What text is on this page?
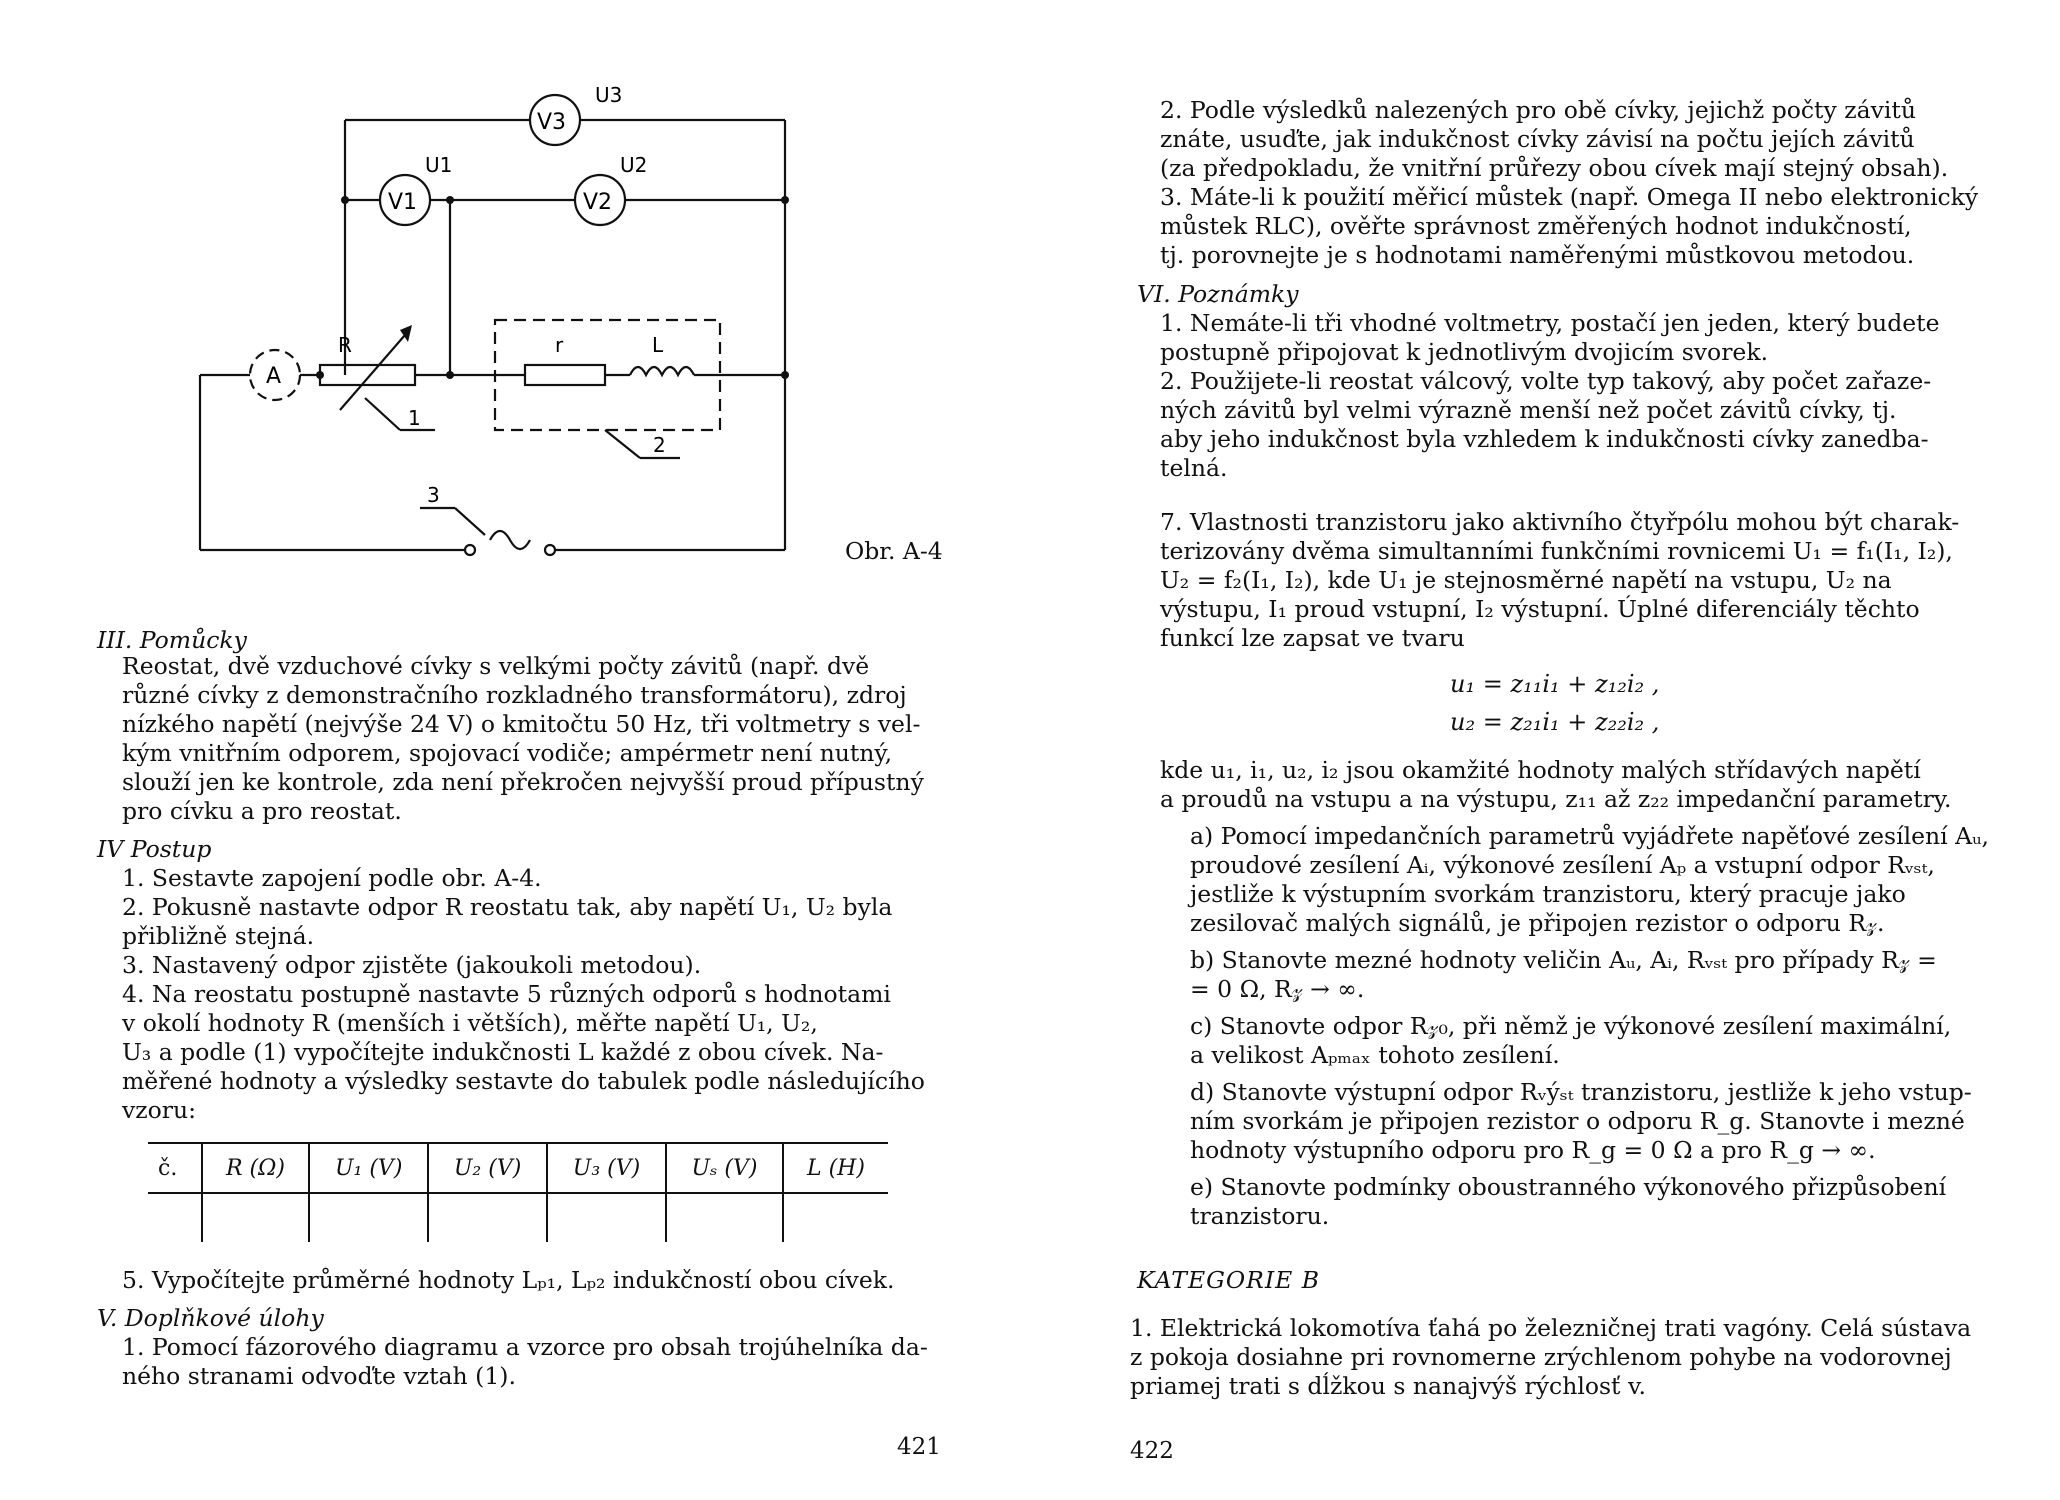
V3
U3
V1
U1
V2
U2
A
R	r	L
1
2
3
Obr. A-4
III. Pomůcky
Reostat, dvě vzduchové cívky s velkými počty závitů (např. dvě
různé cívky z demonstračního rozkladného transformátoru), zdroj
nízkého napětí (nejvýše 24 V) o kmitočtu 50 Hz, tři voltmetry s vel-
kým vnitřním odporem, spojovací vodiče; ampérmetr není nutný,
slouží jen ke kontrole, zda není překročen nejvyšší proud přípustný
pro cívku a pro reostat.
IV Postup
1. Sestavte zapojení podle obr. A-4.
2. Pokusně nastavte odpor R reostatu tak, aby napětí U₁, U₂ byla
přibližně stejná.
3. Nastavený odpor zjistěte (jakoukoli metodou).
4. Na reostatu postupně nastavte 5 různých odporů s hodnotami
v okolí hodnoty R (menších i větších), měřte napětí U₁, U₂,
U₃ a podle (1) vypočítejte indukčnosti L každé z obou cívek. Na-
měřené hodnoty a výsledky sestavte do tabulek podle následujícího
vzoru:
č.	R (Ω)	U₁ (V)	U₂ (V)	U₃ (V)	Uₛ (V)	L (H)

5. Vypočítejte průměrné hodnoty Lₚ₁, Lₚ₂ indukčností obou cívek.
V. Doplňkové úlohy
1. Pomocí fázorového diagramu a vzorce pro obsah trojúhelníka da-
ného stranami odvoďte vztah (1).
421
2. Podle výsledků nalezených pro obě cívky, jejichž počty závitů
znáte, usuďte, jak indukčnost cívky závisí na počtu jejích závitů
(za předpokladu, že vnitřní průřezy obou cívek mají stejný obsah).
3. Máte-li k použití měřicí můstek (např. Omega II nebo elektronický
můstek RLC), ověřte správnost změřených hodnot indukčností,
tj. porovnejte je s hodnotami naměřenými můstkovou metodou.
VI. Poznámky
1. Nemáte-li tři vhodné voltmetry, postačí jen jeden, který budete
postupně připojovat k jednotlivým dvojicím svorek.
2. Použijete-li reostat válcový, volte typ takový, aby počet zařaze-
ných závitů byl velmi výrazně menší než počet závitů cívky, tj.
aby jeho indukčnost byla vzhledem k indukčnosti cívky zanedba-
telná.
7. Vlastnosti tranzistoru jako aktivního čtyřpólu mohou být charak-
terizovány dvěma simultanními funkčními rovnicemi U₁ = f₁(I₁, I₂),
U₂ = f₂(I₁, I₂), kde U₁ je stejnosměrné napětí na vstupu, U₂ na
výstupu, I₁ proud vstupní, I₂ výstupní. Úplné diferenciály těchto
funkcí lze zapsat ve tvaru
u₁ = z₁₁i₁ + z₁₂i₂ ,
u₂ = z₂₁i₁ + z₂₂i₂ ,
kde u₁, i₁, u₂, i₂ jsou okamžité hodnoty malých střídavých napětí
a proudů na vstupu a na výstupu, z₁₁ až z₂₂ impedanční parametry.
a) Pomocí impedančních parametrů vyjádřete napěťové zesílení Aᵤ,
proudové zesílení Aᵢ, výkonové zesílení Aₚ a vstupní odpor Rᵥₛₜ,
jestliže k výstupním svorkám tranzistoru, který pracuje jako
zesilovač malých signálů, je připojen rezistor o odporu R𝓏.
b) Stanovte mezné hodnoty veličin Aᵤ, Aᵢ, Rᵥₛₜ pro případy R𝓏 =
= 0 Ω, R𝓏 → ∞.
c) Stanovte odpor R𝓏₀, při němž je výkonové zesílení maximální,
a velikost Aₚₘₐₓ tohoto zesílení.
d) Stanovte výstupní odpor Rᵥýₛₜ tranzistoru, jestliže k jeho vstup-
ním svorkám je připojen rezistor o odporu R_g. Stanovte i mezné
hodnoty výstupního odporu pro R_g = 0 Ω a pro R_g → ∞.
e) Stanovte podmínky oboustranného výkonového přizpůsobení
tranzistoru.
KATEGORIE B
1. Elektrická lokomotíva ťahá po železničnej trati vagóny. Celá sústava
z pokoja dosiahne pri rovnomerne zrýchlenom pohybe na vodorovnej
priamej trati s dĺžkou s nanajvýš rýchlosť v.
422
